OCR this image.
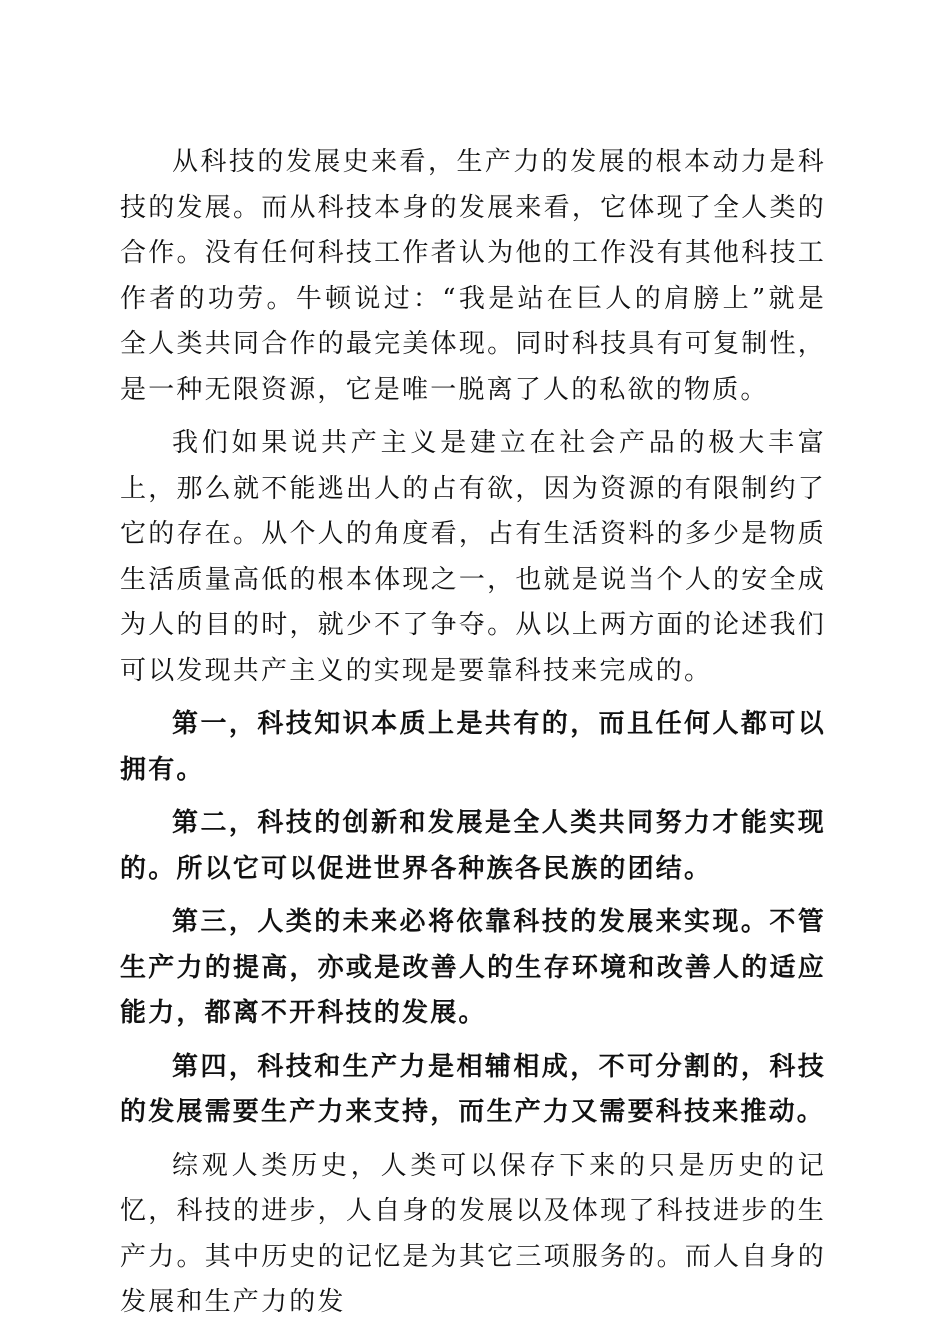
从科技的发展史来看，生产力的发展的根本动力是科技的发展。而从科技本身的发展来看，它体现了全人类的合作。没有任何科技工作者认为他的工作没有其他科技工作者的功劳。牛顿说过：“我是站在巨人的肩膀上”就是全人类共同合作的最完美体现。同时科技具有可复制性，是一种无限资源，它是唯一脱离了人的私欲的物质。

我们如果说共产主义是建立在社会产品的极大丰富上，那么就不能逃出人的占有欲，因为资源的有限制约了它的存在。从个人的角度看，占有生活资料的多少是物质生活质量高低的根本体现之一，也就是说当个人的安全成为人的目的时，就少不了争夺。从以上两方面的论述我们可以发现共产主义的实现是要靠科技来完成的。

第一，科技知识本质上是共有的，而且任何人都可以拥有。

第二，科技的创新和发展是全人类共同努力才能实现的。所以它可以促进世界各种族各民族的团结。

第三，人类的未来必将依靠科技的发展来实现。不管生产力的提高，亦或是改善人的生存环境和改善人的适应能力，都离不开科技的发展。

第四，科技和生产力是相辅相成，不可分割的，科技的发展需要生产力来支持，而生产力又需要科技来推动。

综观人类历史，人类可以保存下来的只是历史的记忆，科技的进步，人自身的发展以及体现了科技进步的生产力。其中历史的记忆是为其它三项服务的。而人自身的发展和生产力的发
